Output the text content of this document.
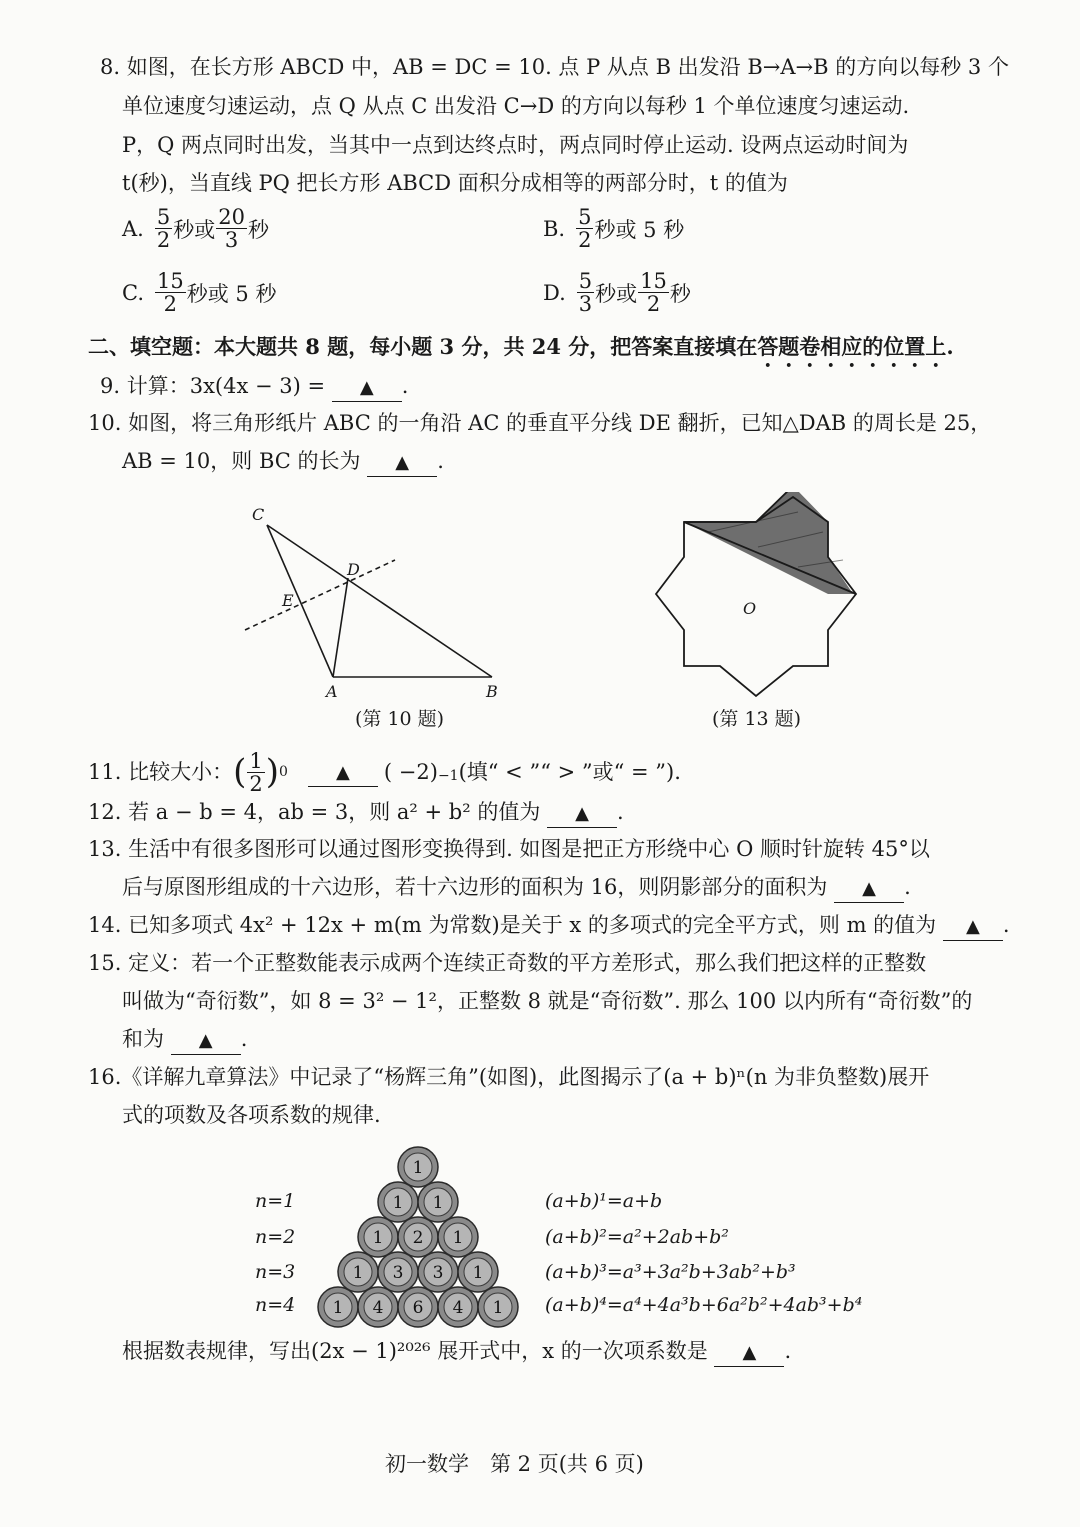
8. 如图，在长方形 ABCD 中，AB = DC = 10. 点 P 从点 B 出发沿 B→A→B 的方向以每秒 3 个
单位速度匀速运动，点 Q 从点 C 出发沿 C→D 的方向以每秒 1 个单位速度匀速运动.
P，Q 两点同时出发，当其中一点到达终点时，两点同时停止运动. 设两点运动时间为
t(秒)，当直线 PQ 把长方形 ABCD 面积分成相等的两部分时，t 的值为
A. $\frac{5}{2}$ 秒或 $\frac{20}{3}$ 秒	B. $\frac{5}{2}$ 秒或 5 秒
C. $\frac{15}{2}$ 秒或 5 秒	D. $\frac{5}{3}$ 秒或 $\frac{15}{2}$ 秒
二、填空题：本大题共 8 题，每小题 3 分，共 24 分，把答案直接填在答题卷相应的位置上.
9. 计算：3x(4x − 3) = ▲ .
10. 如图，将三角形纸片 ABC 的一角沿 AC 的垂直平分线 DE 翻折，已知△DAB 的周长是 25，
AB = 10，则 BC 的长为 ▲ .
C
D
E
A	B
(第 10 题)
O
(第 13 题)
11. 比较大小： ( $\frac{1}{2}$ ) 0	▲	( −2) −1 (填“ < ”“ > ”或“ = ”).
12. 若 a − b = 4，ab = 3，则 a² + b² 的值为 ▲ .
13. 生活中有很多图形可以通过图形变换得到. 如图是把正方形绕中心 O 顺时针旋转 45°以
后与原图形组成的十六边形，若十六边形的面积为 16，则阴影部分的面积为 ▲ .
14. 已知多项式 4x² + 12x + m(m 为常数)是关于 x 的多项式的完全平方式，则 m 的值为 ▲ .
15. 定义：若一个正整数能表示成两个连续正奇数的平方差形式，那么我们把这样的正整数
叫做为“奇衍数”，如 8 = 3² − 1²，正整数 8 就是“奇衍数”. 那么 100 以内所有“奇衍数”的
和为 ▲ .
16.《详解九章算法》中记录了“杨辉三角”(如图)，此图揭示了(a + b)ⁿ(n 为非负整数)展开
式的项数及各项系数的规律.
1
1 1
1 2 1
1 3 3 1
1 4 6 4 1
n=1
n=2
n=3
n=4
(a+b)¹=a+b
(a+b)²=a²+2ab+b²
(a+b)³=a³+3a²b+3ab²+b³
(a+b)⁴=a⁴+4a³b+6a²b²+4ab³+b⁴
根据数表规律，写出(2x − 1)²⁰²⁶ 展开式中，x 的一次项系数是 ▲ .
初一数学　第 2 页(共 6 页)
